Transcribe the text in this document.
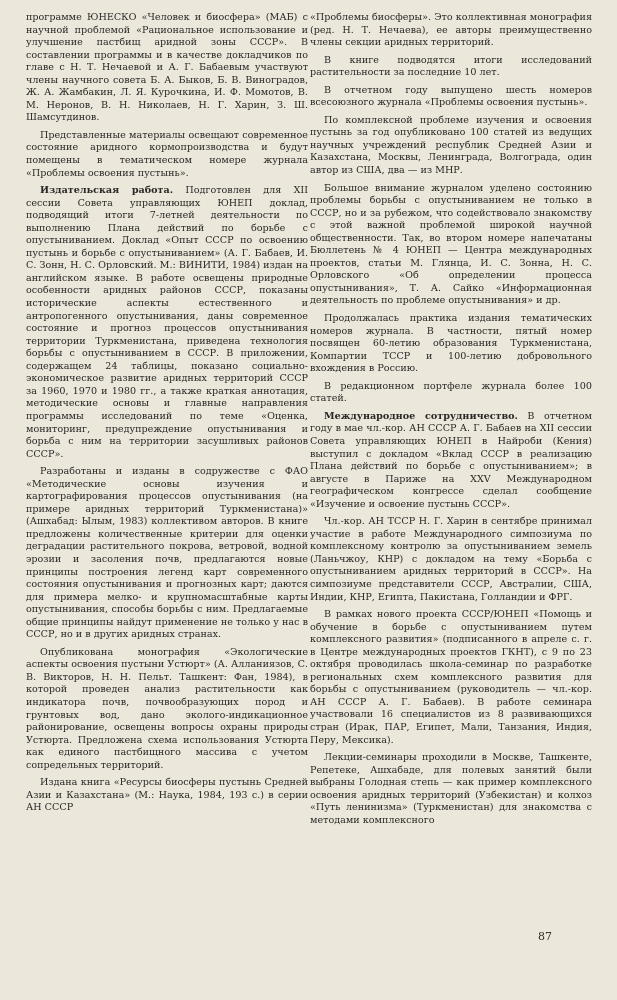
программе ЮНЕСКО «Человек и биосфера» (МАБ) с научной проблемой «Рациональное использование и улучшение пастбищ аридной зоны СССР». В составлении программы и в качестве докладчиков по главе с Н. Т. Нечаевой и А. Г. Бабаевым участвуют члены научного совета Б. А. Быков, Б. В. Виноградов, Ж. А. Жамбакин, Л. Я. Курочкина, И. Ф. Момотов, В. М. Неронов, В. Н. Николаев, Н. Г. Харин, З. Ш. Шамсутдинов.

Представленные материалы освещают современное состояние аридного кормопроизводства и будут помещены в тематическом номере журнала «Проблемы освоения пустынь».

Издательская работа. Подготовлен для XII сессии Совета управляющих ЮНЕП доклад, подводящий итоги 7-летней деятельности по выполнению Плана действий по борьбе с опустыниванием. Доклад «Опыт СССР по освоению пустынь и борьбе с опустыниванием» (А. Г. Бабаев, И. С. Зонн, Н. С. Орловский. М.: ВИНИТИ, 1984) издан на английском языке. В работе освещены природные особенности аридных районов СССР, показаны исторические аспекты естественного и антропогенного опустынивания, даны современное состояние и прогноз процессов опустынивания территории Туркменистана, приведена технология борьбы с опустыниванием в СССР. В приложении, содержащем 24 таблицы, показано социально-экономическое развитие аридных территорий СССР за 1960, 1970 и 1980 гг., а также краткая аннотация, методические основы и главные направления программы исследований по теме «Оценка, мониторинг, предупреждение опустынивания и борьба с ним на территории засушливых районов СССР».

Разработаны и изданы в содружестве с ФАО «Методические основы изучения и картографирования процессов опустынивания (на примере аридных территорий Туркменистана)» (Ашхабад: Ылым, 1983) коллективом авторов. В книге предложены количественные критерии для оценки деградации растительного покрова, ветровой, водной эрозии и засоления почв, предлагаются новые принципы построения легенд карт современного состояния опустынивания и прогнозных карт; даются для примера мелко- и крупномасштабные карты опустынивания, способы борьбы с ним. Предлагаемые общие принципы найдут применение не только у нас в СССР, но и в других аридных странах.

Опубликована монография «Экологические аспекты освоения пустыни Устюрт» (А. Алланиязов, С. В. Викторов, Н. Н. Пельт. Ташкент: Фан, 1984), в которой проведен анализ растительности как индикатора почв, почвообразующих пород и грунтовых вод, дано эколого-индикационное районирование, освещены вопросы охраны природы Устюрта. Предложена схема использования Устюрта как единого пастбищного массива с учетом сопредельных территорий.

Издана книга «Ресурсы биосферы пустынь Средней Азии и Казахстана» (М.: Наука, 1984, 193 с.) в серии АН СССР

«Проблемы биосферы». Это коллективная монография (ред. Н. Т. Нечаева), ее авторы преимущественно члены секции аридных территорий.

В книге подводятся итоги исследований растительности за последние 10 лет.

В отчетном году выпущено шесть номеров всесоюзного журнала «Проблемы освоения пустынь».

По комплексной проблеме изучения и освоения пустынь за год опубликовано 100 статей из ведущих научных учреждений республик Средней Азии и Казахстана, Москвы, Ленинграда, Волгограда, один автор из США, два — из МНР.

Большое внимание журналом уделено состоянию проблемы борьбы с опустыниванием не только в СССР, но и за рубежом, что содействовало знакомству с этой важной проблемой широкой научной общественности. Так, во втором номере напечатаны Бюллетень № 4 ЮНЕП — Центра международных проектов, статьи М. Глянца, И. С. Зонна, Н. С. Орловского «Об определении процесса опустынивания», Т. А. Сайко «Информационная деятельность по проблеме опустынивания» и др.

Продолжалась практика издания тематических номеров журнала. В частности, пятый номер посвящен 60-летию образования Туркменистана, Компартии ТССР и 100-летию добровольного вхождения в Россию.

В редакционном портфеле журнала более 100 статей.

Международное сотрудничество. В отчетном году в мае чл.-кор. АН СССР А. Г. Бабаев на XII сессии Совета управляющих ЮНЕП в Найроби (Кения) выступил с докладом «Вклад СССР в реализацию Плана действий по борьбе с опустыниванием»; в августе в Париже на XXV Международном географическом конгрессе сделал сообщение «Изучение и освоение пустынь СССР».

Чл.-кор. АН ТССР Н. Г. Харин в сентябре принимал участие в работе Международного симпозиума по комплексному контролю за опустыниванием земель (Ланьчжоу, КНР) с докладом на тему «Борьба с опустыниванием аридных территорий в СССР». На симпозиуме представители СССР, Австралии, США, Индии, КНР, Египта, Пакистана, Голландии и ФРГ.

В рамках нового проекта СССР/ЮНЕП «Помощь и обучение в борьбе с опустыниванием путем комплексного развития» (подписанного в апреле с. г. в Центре международных проектов ГКНТ), с 9 по 23 октября проводилась школа-семинар по разработке региональных схем комплексного развития для борьбы с опустыниванием (руководитель — чл.-кор. АН СССР А. Г. Бабаев). В работе семинара участвовали 16 специалистов из 8 развивающихся стран (Ирак, ПАР, Египет, Мали, Танзания, Индия, Перу, Мексика).

Лекции-семинары проходили в Москве, Ташкенте, Репетеке, Ашхабаде, для полевых занятий были выбраны Голодная степь — как пример комплексного освоения аридных территорий (Узбекистан) и колхоз «Путь ленинизма» (Туркменистан) для знакомства с методами комплексного

87
